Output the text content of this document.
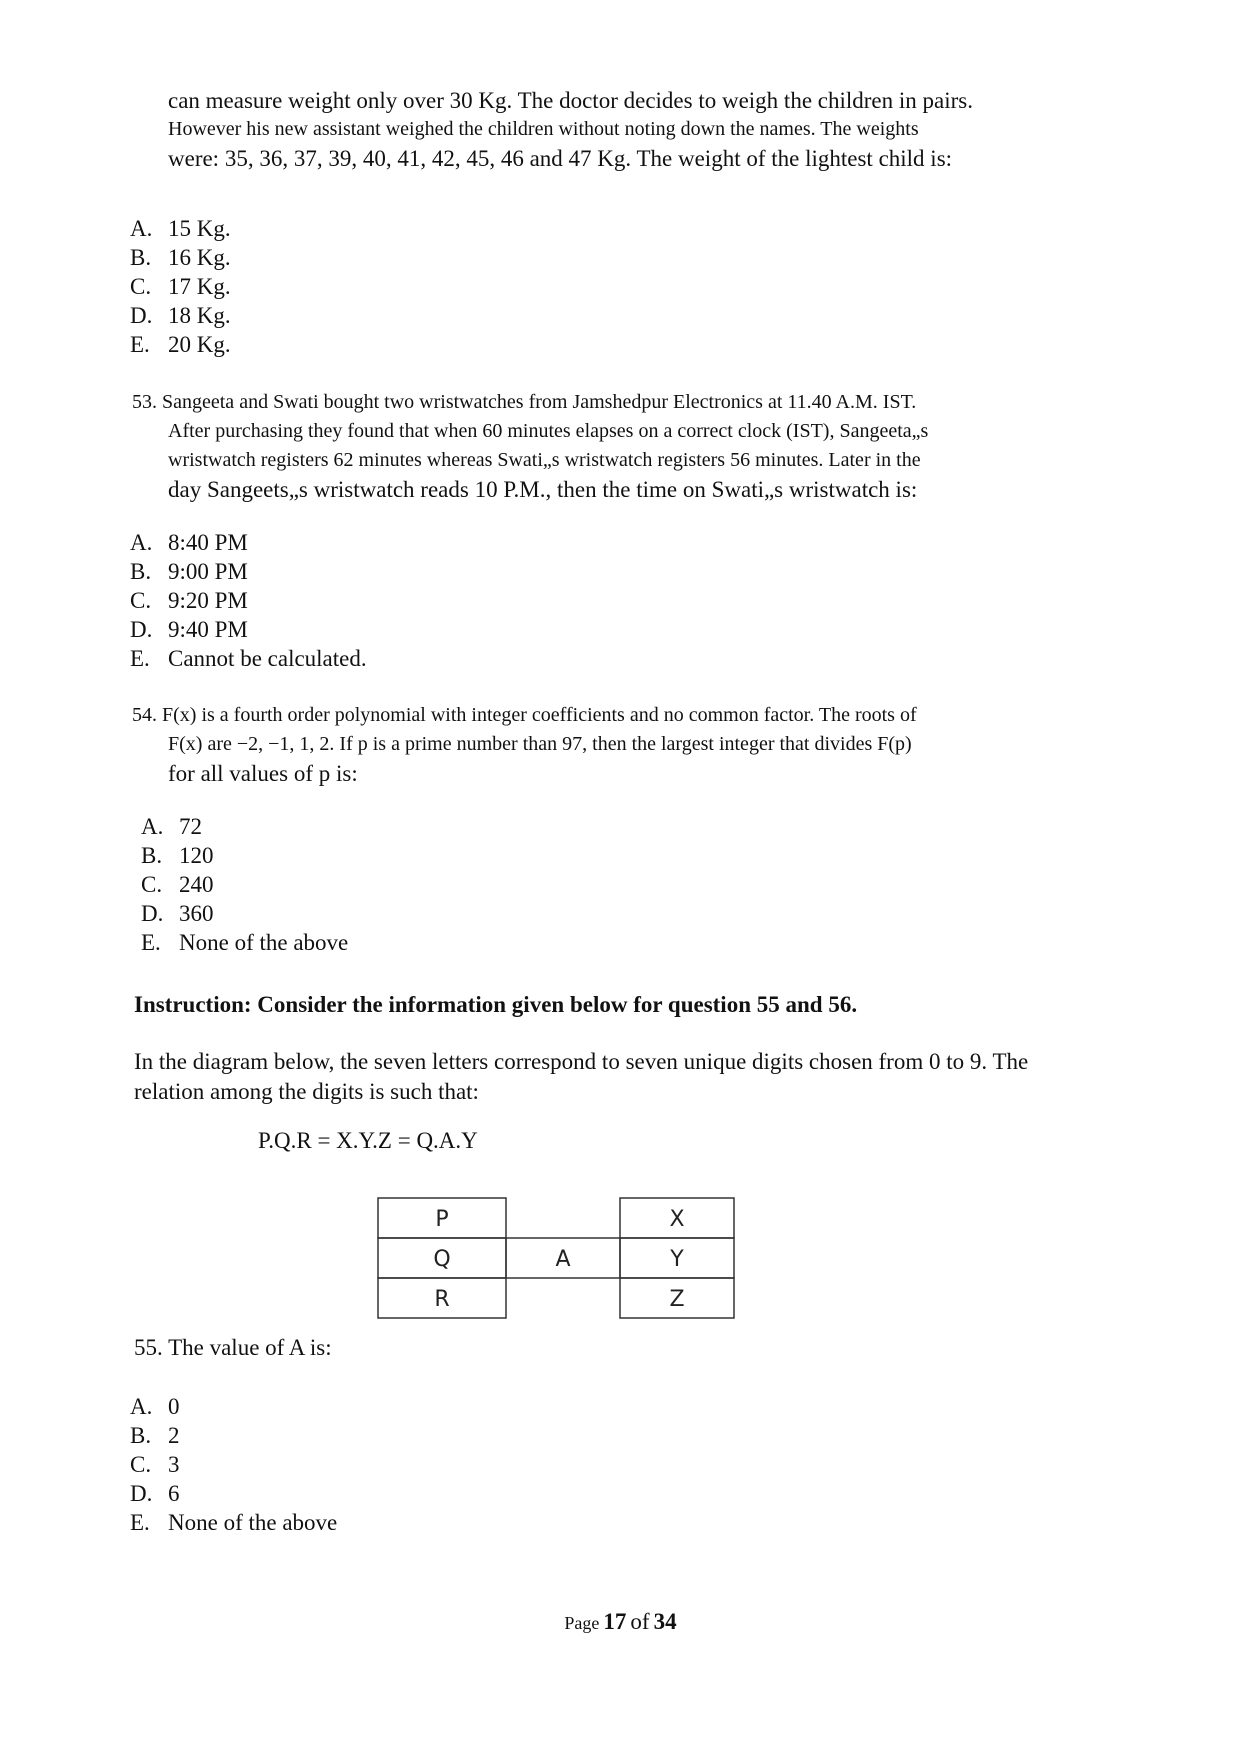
can measure weight only over 30 Kg. The doctor decides to weigh the children in pairs.
However his new assistant weighed the children without noting down the names. The weights
were: 35, 36, 37, 39, 40, 41, 42, 45, 46 and 47 Kg. The weight of the lightest child is:
A. 15 Kg.
B. 16 Kg.
C. 17 Kg.
D. 18 Kg.
E. 20 Kg.
53. Sangeeta and Swati bought two wristwatches from Jamshedpur Electronics at 11.40 A.M. IST.
After purchasing they found that when 60 minutes elapses on a correct clock (IST), Sangeeta„s
wristwatch registers 62 minutes whereas Swati„s wristwatch registers 56 minutes. Later in the
day Sangeets„s wristwatch reads 10 P.M., then the time on Swati„s wristwatch is:
A. 8:40 PM
B. 9:00 PM
C. 9:20 PM
D. 9:40 PM
E. Cannot be calculated.
54. F(x) is a fourth order polynomial with integer coefficients and no common factor. The roots of
F(x) are −2, −1, 1, 2. If p is a prime number than 97, then the largest integer that divides F(p)
for all values of p is:
A. 72
B. 120
C. 240
D. 360
E. None of the above
Instruction: Consider the information given below for question 55 and 56.
In the diagram below, the seven letters correspond to seven unique digits chosen from 0 to 9. The
relation among the digits is such that:
P.Q.R = X.Y.Z = Q.A.Y
P
Q
R
A
X
Y
Z
55. The value of A is:
A. 0
B. 2
C. 3
D. 6
E. None of the above
Page 17 of 34
